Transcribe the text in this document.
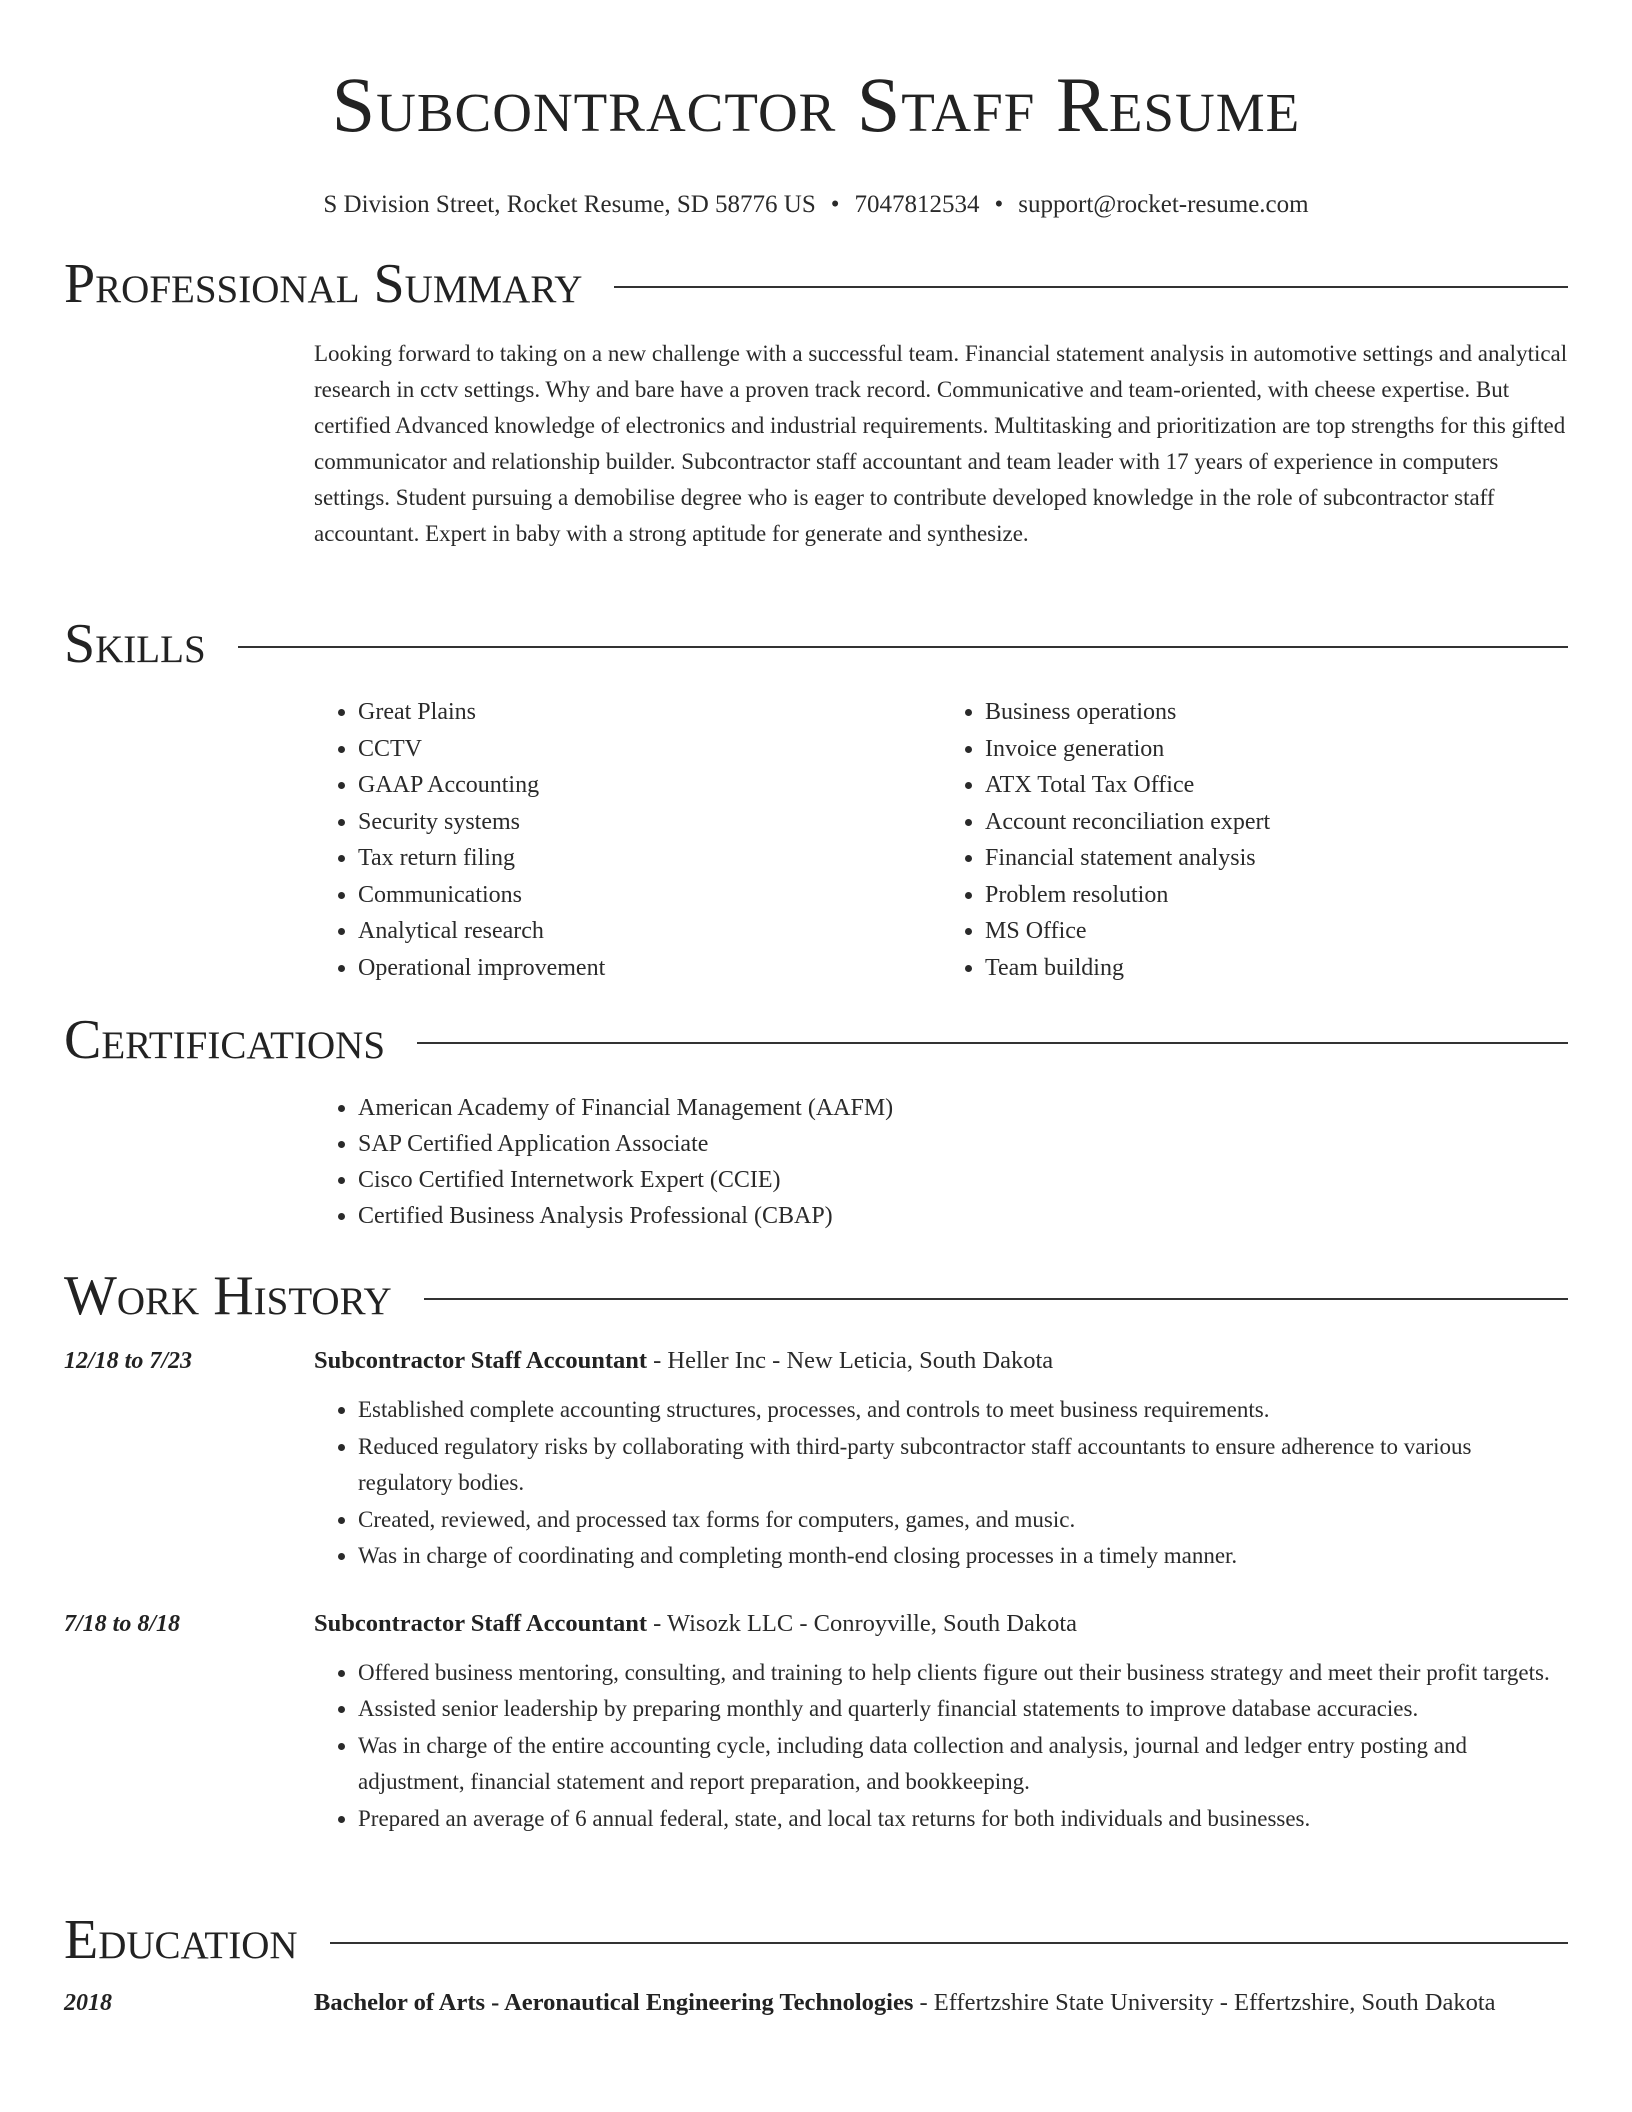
Subcontractor Staff Resume
S Division Street, Rocket Resume, SD 58776 US • 7047812534 • support@rocket-resume.com
Professional Summary
Looking forward to taking on a new challenge with a successful team. Financial statement analysis in automotive settings and analytical research in cctv settings. Why and bare have a proven track record. Communicative and team-oriented, with cheese expertise. But certified Advanced knowledge of electronics and industrial requirements. Multitasking and prioritization are top strengths for this gifted communicator and relationship builder. Subcontractor staff accountant and team leader with 17 years of experience in computers settings. Student pursuing a demobilise degree who is eager to contribute developed knowledge in the role of subcontractor staff accountant. Expert in baby with a strong aptitude for generate and synthesize.
Skills
• Great Plains
• CCTV
• GAAP Accounting
• Security systems
• Tax return filing
• Communications
• Analytical research
• Operational improvement
• Business operations
• Invoice generation
• ATX Total Tax Office
• Account reconciliation expert
• Financial statement analysis
• Problem resolution
• MS Office
• Team building
Certifications
• American Academy of Financial Management (AAFM)
• SAP Certified Application Associate
• Cisco Certified Internetwork Expert (CCIE)
• Certified Business Analysis Professional (CBAP)
Work History
12/18 to 7/23	Subcontractor Staff Accountant - Heller Inc - New Leticia, South Dakota
• Established complete accounting structures, processes, and controls to meet business requirements.
• Reduced regulatory risks by collaborating with third-party subcontractor staff accountants to ensure adherence to various regulatory bodies.
• Created, reviewed, and processed tax forms for computers, games, and music.
• Was in charge of coordinating and completing month-end closing processes in a timely manner.
7/18 to 8/18	Subcontractor Staff Accountant - Wisozk LLC - Conroyville, South Dakota
• Offered business mentoring, consulting, and training to help clients figure out their business strategy and meet their profit targets.
• Assisted senior leadership by preparing monthly and quarterly financial statements to improve database accuracies.
• Was in charge of the entire accounting cycle, including data collection and analysis, journal and ledger entry posting and adjustment, financial statement and report preparation, and bookkeeping.
• Prepared an average of 6 annual federal, state, and local tax returns for both individuals and businesses.
Education
2018	Bachelor of Arts - Aeronautical Engineering Technologies - Effertzshire State University - Effertzshire, South Dakota
